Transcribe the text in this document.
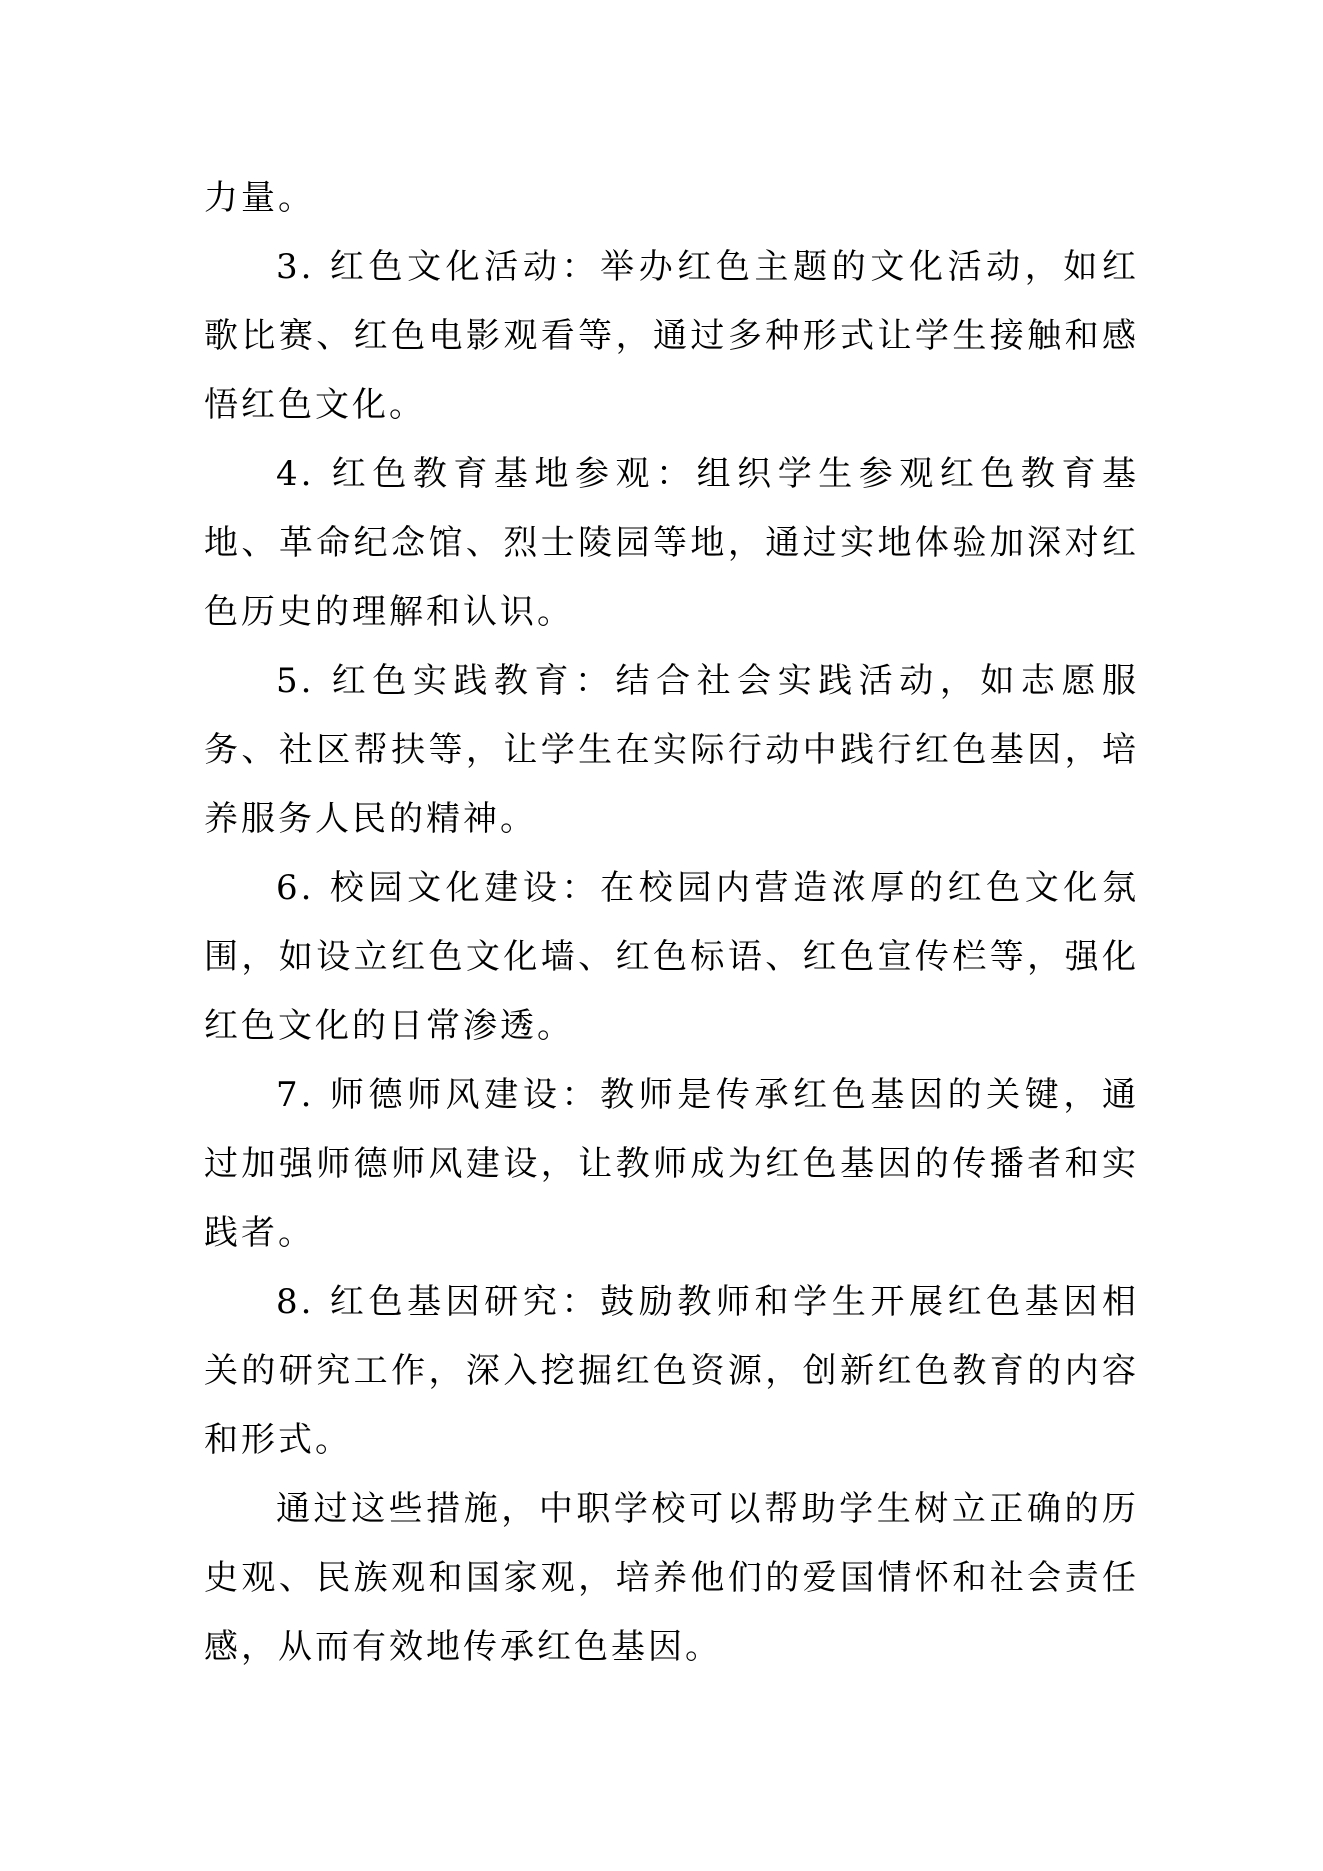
力量。

3. 红色文化活动：举办红色主题的文化活动，如红歌比赛、红色电影观看等，通过多种形式让学生接触和感悟红色文化。

4. 红色教育基地参观：组织学生参观红色教育基地、革命纪念馆、烈士陵园等地，通过实地体验加深对红色历史的理解和认识。

5. 红色实践教育：结合社会实践活动，如志愿服务、社区帮扶等，让学生在实际行动中践行红色基因，培养服务人民的精神。

6. 校园文化建设：在校园内营造浓厚的红色文化氛围，如设立红色文化墙、红色标语、红色宣传栏等，强化红色文化的日常渗透。

7. 师德师风建设：教师是传承红色基因的关键，通过加强师德师风建设，让教师成为红色基因的传播者和实践者。

8. 红色基因研究：鼓励教师和学生开展红色基因相关的研究工作，深入挖掘红色资源，创新红色教育的内容和形式。

通过这些措施，中职学校可以帮助学生树立正确的历史观、民族观和国家观，培养他们的爱国情怀和社会责任感，从而有效地传承红色基因。
